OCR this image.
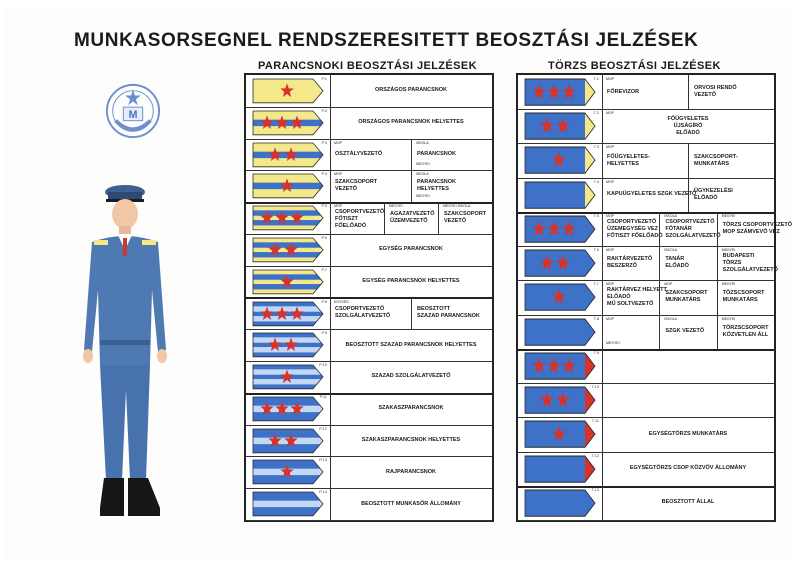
MUNKASORSEGNEL RENDSZERESITETT BEOSZTÁSI JELZÉSEK
PARANCSNOKI BEOSZTÁSI JELZÉSEK	TÖRZS BEOSZTÁSI JELZÉSEK
M
P.1
ORSZÁGOS PARANCSNOK
P.2
ORSZÁGOS PARANCSNOK HELYETTES
P.3 MOP
OSZTÁLYVEZETŐ
ISKOLA
MEGYEI
PARANCSNOK
P.4 MOP
SZAKCSOPORT
VEZETŐ
ISKOLA
MEGYEI
PARANCSNOK
HELYETTES
P.5 MOP
CSOPORTVEZETŐ
FŐTISZT
FŐELŐADÓ
MEGYEI
AGAZATVEZETŐ
ÜZEMVEZETŐ
MEGYEI ISKOLA
SZAKCSOPORT
VEZETŐ
P.6
EGYSÉG PARANCSNOK
P.7
EGYSÉG PARANCSNOK HELYETTES
P.8 EGYSÉG
CSOPORTVEZETŐ
SZOLGÁLATVEZETŐ
BEOSZTOTT
SZAZAD PARANCSNOK
P.9
BEOSZTOTT SZAZAD PARANCSNOK HELYETTES
P.10
SZAZAD SZOLGÁLATVEZETŐ
P.11
SZAKASZPARANCSNOK
P.12
SZAKASZPARANCSNOK HELYETTES
P.13
RAJPARANCSNOK
P.14
BEOSZTOTT MUNKASŐR ÁLLOMÁNY
T.1 MOP
FŐREVIZOR
ORVOSI RENDŐ
VEZETŐ
T.2 MOP
FŐÜGYELETES
ÜJSÁGÍRÓ
ELŐADÓ
T.3 MOP
FŐÜGYELETES-
HELYETTES
SZAKCSOPORT-
MUNKATÁRS
T.4 MOP
KAPUÜGYELETES SZGK VEZETŐ
ÜGYKEZELÉSI
ELŐADÓ
T.5 MOP
CSOPORTVEZETŐ
ÜZEMEGYSÉG VEZ
FŐTISZT FŐELŐADÓ
ISKOLA
CSOPORTVEZETŐ
FŐTANÁR
SZOLGÁLATVEZETŐ
MEGYEI
TÖRZS CSOPORTVEZETŐ
MOP SZÁMVEVŐ VEZ
T.6 MOP
RAKTÁRVEZETŐ
BESZERZŐ
ISKOLA
TANÁR
ELŐADÓ
MEGYEI
BUDAPESTI
TÖRZS
SZOLGÁLATVEZETŐ
T.7 MOP
RAKTÁRVEZ HELYETT
ELŐADÓ
MŰ SOLTVEZETŐ
MOP
SZAKCSOPORT
MUNKATÁRS
MEGYEI
TÖZSCSOPORT
MUNKATÁRS
T.8 MOP
MEGYEI
ISKOLA
SZGK VEZETŐ
MEGYEI
TÖRZSCSOPORT
KÖZVETLEN ÁLL
T.9
T.10
T.11
EGYSÉGTÖRZS MUNKATÁRS
T.12
EGYSÉGTÖRZS CSOP KÖZVÖV ÁLLOMÁNY
T.13
BEOSZTOTT ÁLLAL
